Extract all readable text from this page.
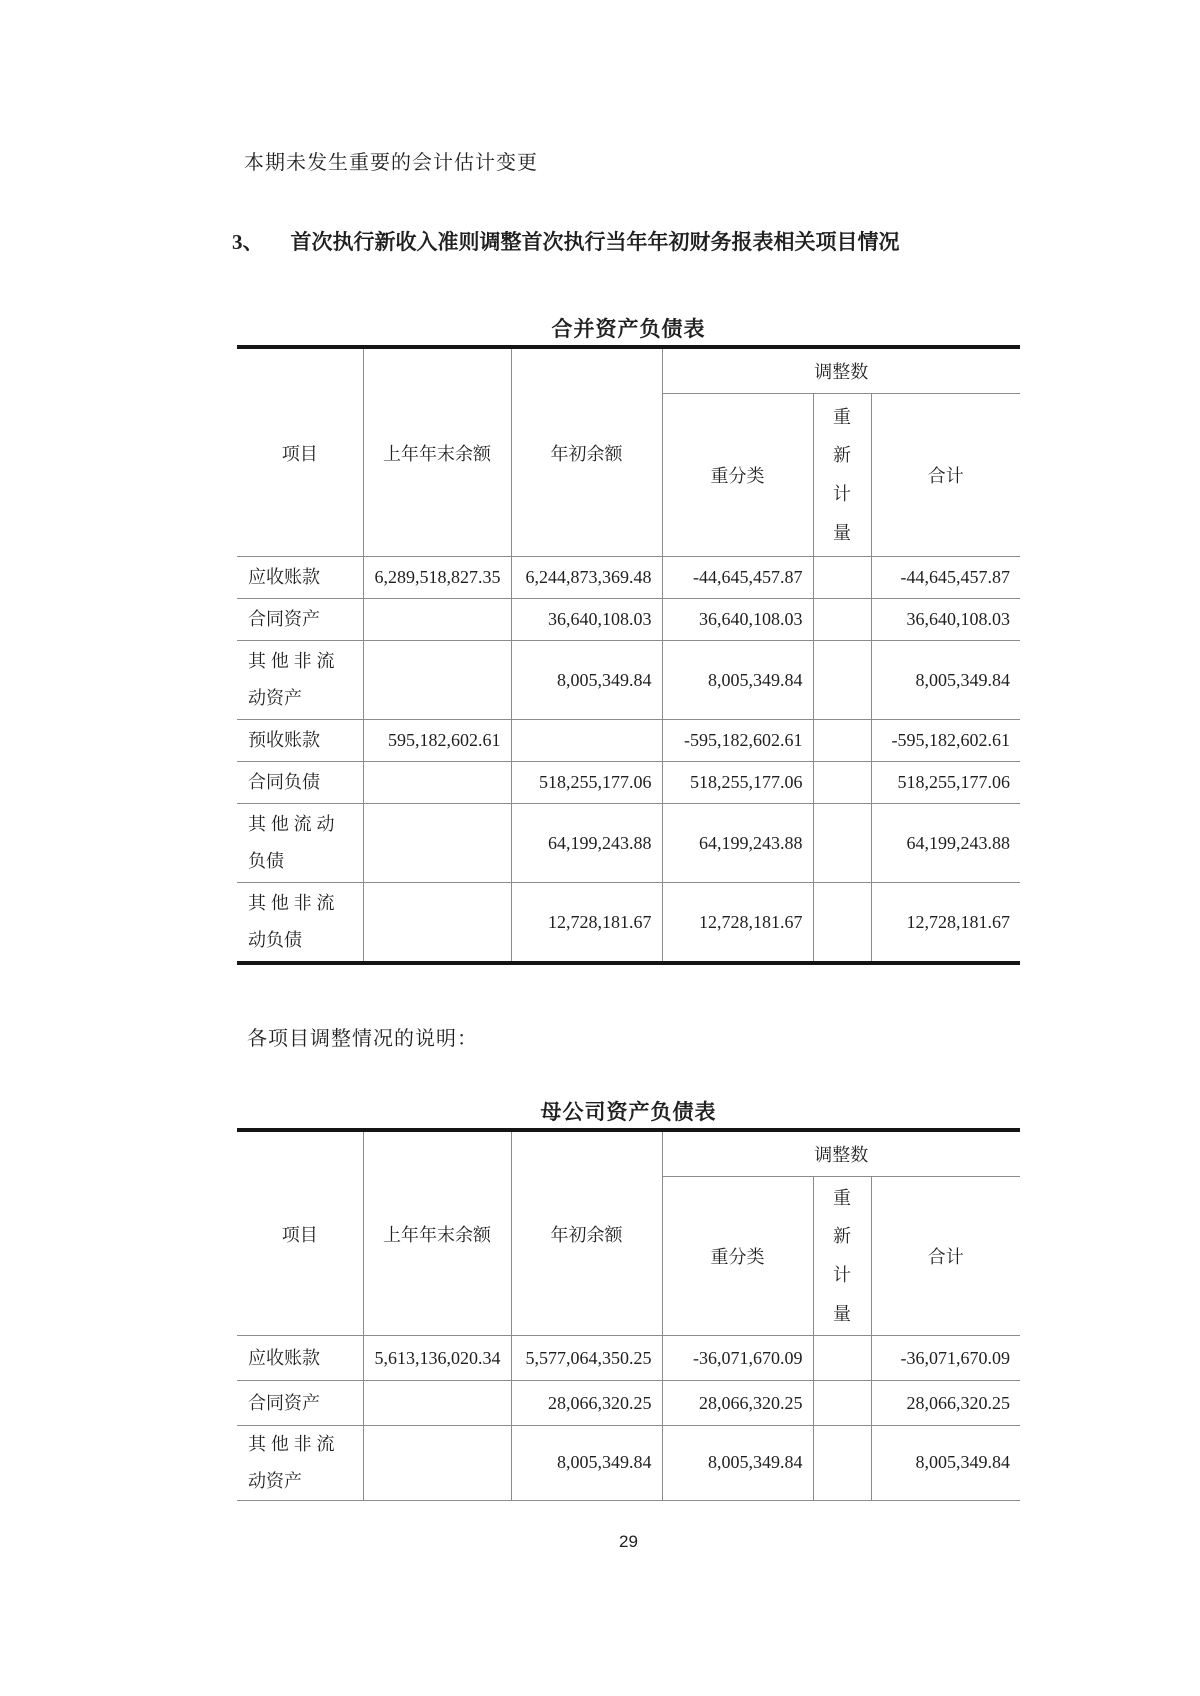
本期未发生重要的会计估计变更

3、 首次执行新收入准则调整首次执行当年年初财务报表相关项目情况
合并资产负债表
项目	上年年末余额	年初余额	调整数		
			重分类	重新计量	合计
应收账款	6,289,518,827.35	6,244,873,369.48	-44,645,457.87		-44,645,457.87
合同资产		36,640,108.03	36,640,108.03		36,640,108.03
其他非流动资产		8,005,349.84	8,005,349.84		8,005,349.84
预收账款	595,182,602.61		-595,182,602.61		-595,182,602.61
合同负债		518,255,177.06	518,255,177.06		518,255,177.06
其他流动负债		64,199,243.88	64,199,243.88		64,199,243.88
其他非流动负债		12,728,181.67	12,728,181.67		12,728,181.67

各项目调整情况的说明：

母公司资产负债表
项目	上年年末余额	年初余额	调整数		
			重分类	重新计量	合计
应收账款	5,613,136,020.34	5,577,064,350.25	-36,071,670.09		-36,071,670.09
合同资产		28,066,320.25	28,066,320.25		28,066,320.25
其他非流动资产		8,005,349.84	8,005,349.84		8,005,349.84
29
